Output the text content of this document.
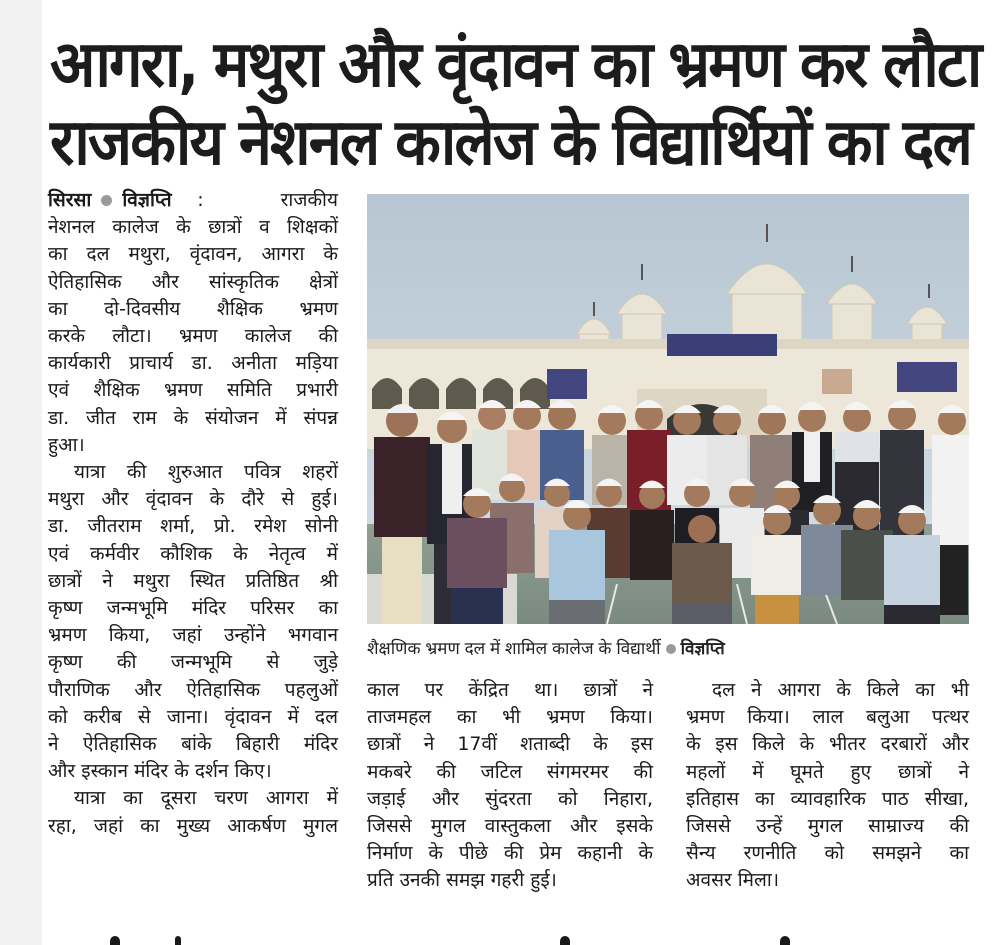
आगरा, मथुरा और वृंदावन का भ्रमण कर लौटा
राजकीय नेशनल कालेज के विद्यार्थियों का दल

सिरसा विज्ञप्ति :	राजकीय

नेशनल कालेज के छात्रों व शिक्षकों

का दल मथुरा, वृंदावन, आगरा के

ऐतिहासिक और सांस्कृतिक क्षेत्रों

का दो-दिवसीय शैक्षिक भ्रमण

करके लौटा। भ्रमण कालेज की

कार्यकारी प्राचार्य डा. अनीता मड़िया

एवं शैक्षिक भ्रमण समिति प्रभारी

डा. जीत राम के संयोजन में संपन्न

हुआ।

यात्रा की शुरुआत पवित्र शहरों

मथुरा और वृंदावन के दौरे से हुई।

डा. जीतराम शर्मा, प्रो. रमेश सोनी

एवं कर्मवीर कौशिक के नेतृत्व में

छात्रों ने मथुरा स्थित प्रतिष्ठित श्री

कृष्ण जन्मभूमि मंदिर परिसर का

भ्रमण किया, जहां उन्होंने भगवान

कृष्ण की जन्मभूमि से जुड़े

पौराणिक और ऐतिहासिक पहलुओं

को करीब से जाना। वृंदावन में दल

ने ऐतिहासिक बांके बिहारी मंदिर

और इस्कान मंदिर के दर्शन किए।

यात्रा का दूसरा चरण आगरा में

रहा, जहां का मुख्य आकर्षण मुगल

शैक्षणिक भ्रमण दल में शामिल कालेज के विद्यार्थी विज्ञप्ति

काल पर केंद्रित था। छात्रों ने

ताजमहल का भी भ्रमण किया।

छात्रों ने 17वीं शताब्दी के इस

मकबरे की जटिल संगमरमर की

जड़ाई और सुंदरता को निहारा,

जिससे मुगल वास्तुकला और इसके

निर्माण के पीछे की प्रेम कहानी के

प्रति उनकी समझ गहरी हुई।

दल ने आगरा के किले का भी

भ्रमण किया। लाल बलुआ पत्थर

के इस किले के भीतर दरबारों और

महलों में घूमते हुए छात्रों ने

इतिहास का व्यावहारिक पाठ सीखा,

जिससे उन्हें मुगल साम्राज्य की

सैन्य रणनीति को समझने का

अवसर मिला।
